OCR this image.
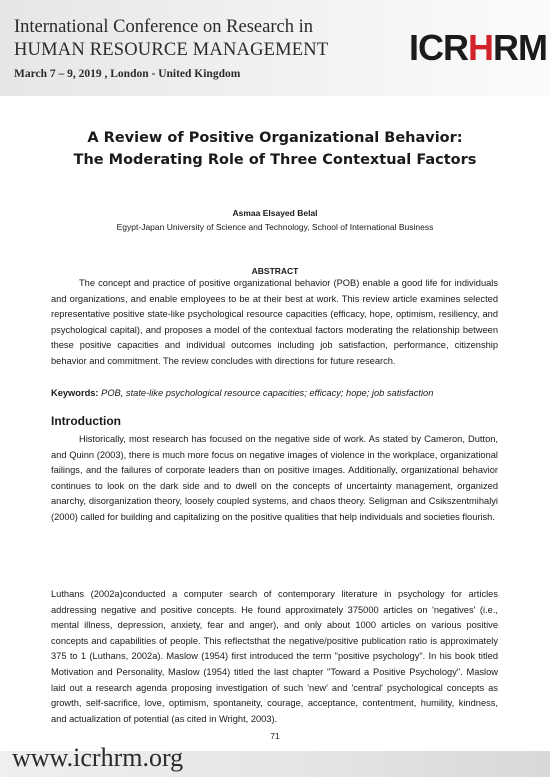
International Conference on Research in
HUMAN RESOURCE MANAGEMENT
March 7 – 9, 2019 , London - United Kingdom
ICRHRM
A Review of Positive Organizational Behavior:
The Moderating Role of Three Contextual Factors
Asmaa Elsayed Belal
Egypt-Japan University of Science and Technology, School of International Business
ABSTRACT
The concept and practice of positive organizational behavior (POB) enable a good life for individuals and organizations, and enable employees to be at their best at work. This review article examines selected representative positive state-like psychological resource capacities (efficacy, hope, optimism, resiliency, and psychological capital), and proposes a model of the contextual factors moderating the relationship between these positive capacities and individual outcomes including job satisfaction, performance, citizenship behavior and commitment. The review concludes with directions for future research.
Keywords: POB, state-like psychological resource capacities; efficacy; hope; job satisfaction
Introduction
Historically, most research has focused on the negative side of work. As stated by Cameron, Dutton, and Quinn (2003), there is much more focus on negative images of violence in the workplace, organizational failings, and the failures of corporate leaders than on positive images. Additionally, organizational behavior continues to look on the dark side and to dwell on the concepts of uncertainty management, organized anarchy, disorganization theory, loosely coupled systems, and chaos theory. Seligman and Csikszentmihalyi (2000) called for building and capitalizing on the positive qualities that help individuals and societies flourish.
Luthans (2002a)conducted a computer search of contemporary literature in psychology for articles addressing negative and positive concepts. He found approximately 375000 articles on 'negatives' (i.e., mental illness, depression, anxiety, fear and anger), and only about 1000 articles on various positive concepts and capabilities of people. This reflectsthat the negative/positive publication ratio is approximately 375 to 1 (Luthans, 2002a). Maslow (1954) first introduced the term "positive psychology". In his book titled Motivation and Personality, Maslow (1954) titled the last chapter "Toward a Positive Psychology". Maslow laid out a research agenda proposing investigation of such 'new' and 'central' psychological concepts as growth, self-sacrifice, love, optimism, spontaneity, courage, acceptance, contentment, humility, kindness, and actualization of potential (as cited in Wright, 2003).
71
www.icrhrm.org
